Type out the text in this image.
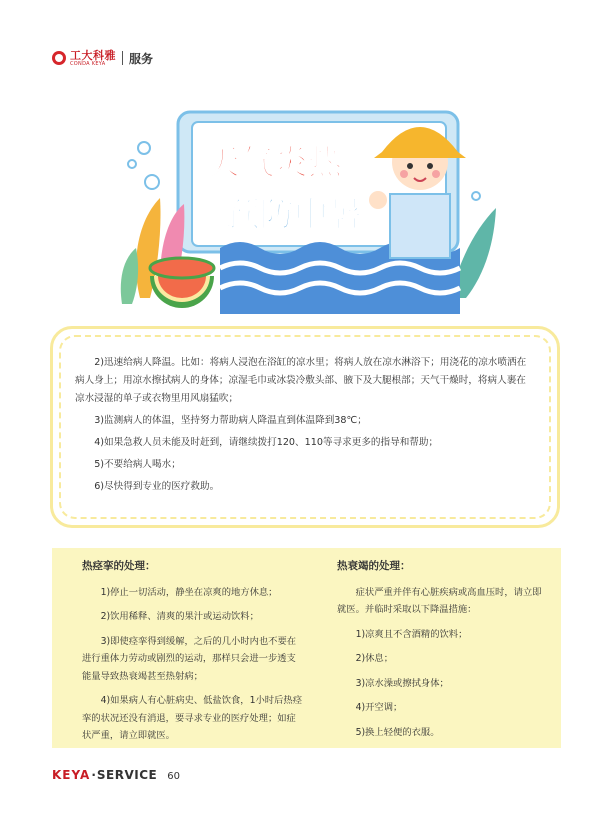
工大科雅
CONDA KEYA	服务
天气炎热
预防中暑

2)迅速给病人降温。比如：将病人浸泡在浴缸的凉水里；将病人放在凉水淋浴下；用浇花的凉水喷洒在病人身上；用凉水擦拭病人的身体；凉湿毛巾或冰袋冷敷头部、腋下及大腿根部；天气干燥时，将病人裹在凉水浸湿的单子或衣物里用风扇猛吹；

3)监测病人的体温，坚持努力帮助病人降温直到体温降到38℃；

4)如果急救人员未能及时赶到，请继续拨打120、110等寻求更多的指导和帮助；

5)不要给病人喝水；

6)尽快得到专业的医疗救助。

热痉挛的处理：

1)停止一切活动，静坐在凉爽的地方休息；

2)饮用稀释、清爽的果汁或运动饮料；

3)即使痉挛得到缓解，之后的几小时内也不要在进行重体力劳动或剧烈的运动，那样只会进一步透支能量导致热衰竭甚至热射病；

4)如果病人有心脏病史、低盐饮食，1小时后热痉挛的状况还没有消退，要寻求专业的医疗处理；如症状严重，请立即就医。

热衰竭的处理：

症状严重并伴有心脏疾病或高血压时，请立即就医。并临时采取以下降温措施：

1)凉爽且不含酒精的饮料；

2)休息；

3)凉水澡或擦拭身体；

4)开空调；

5)换上轻便的衣服。

KEYA · SERVICE 60
